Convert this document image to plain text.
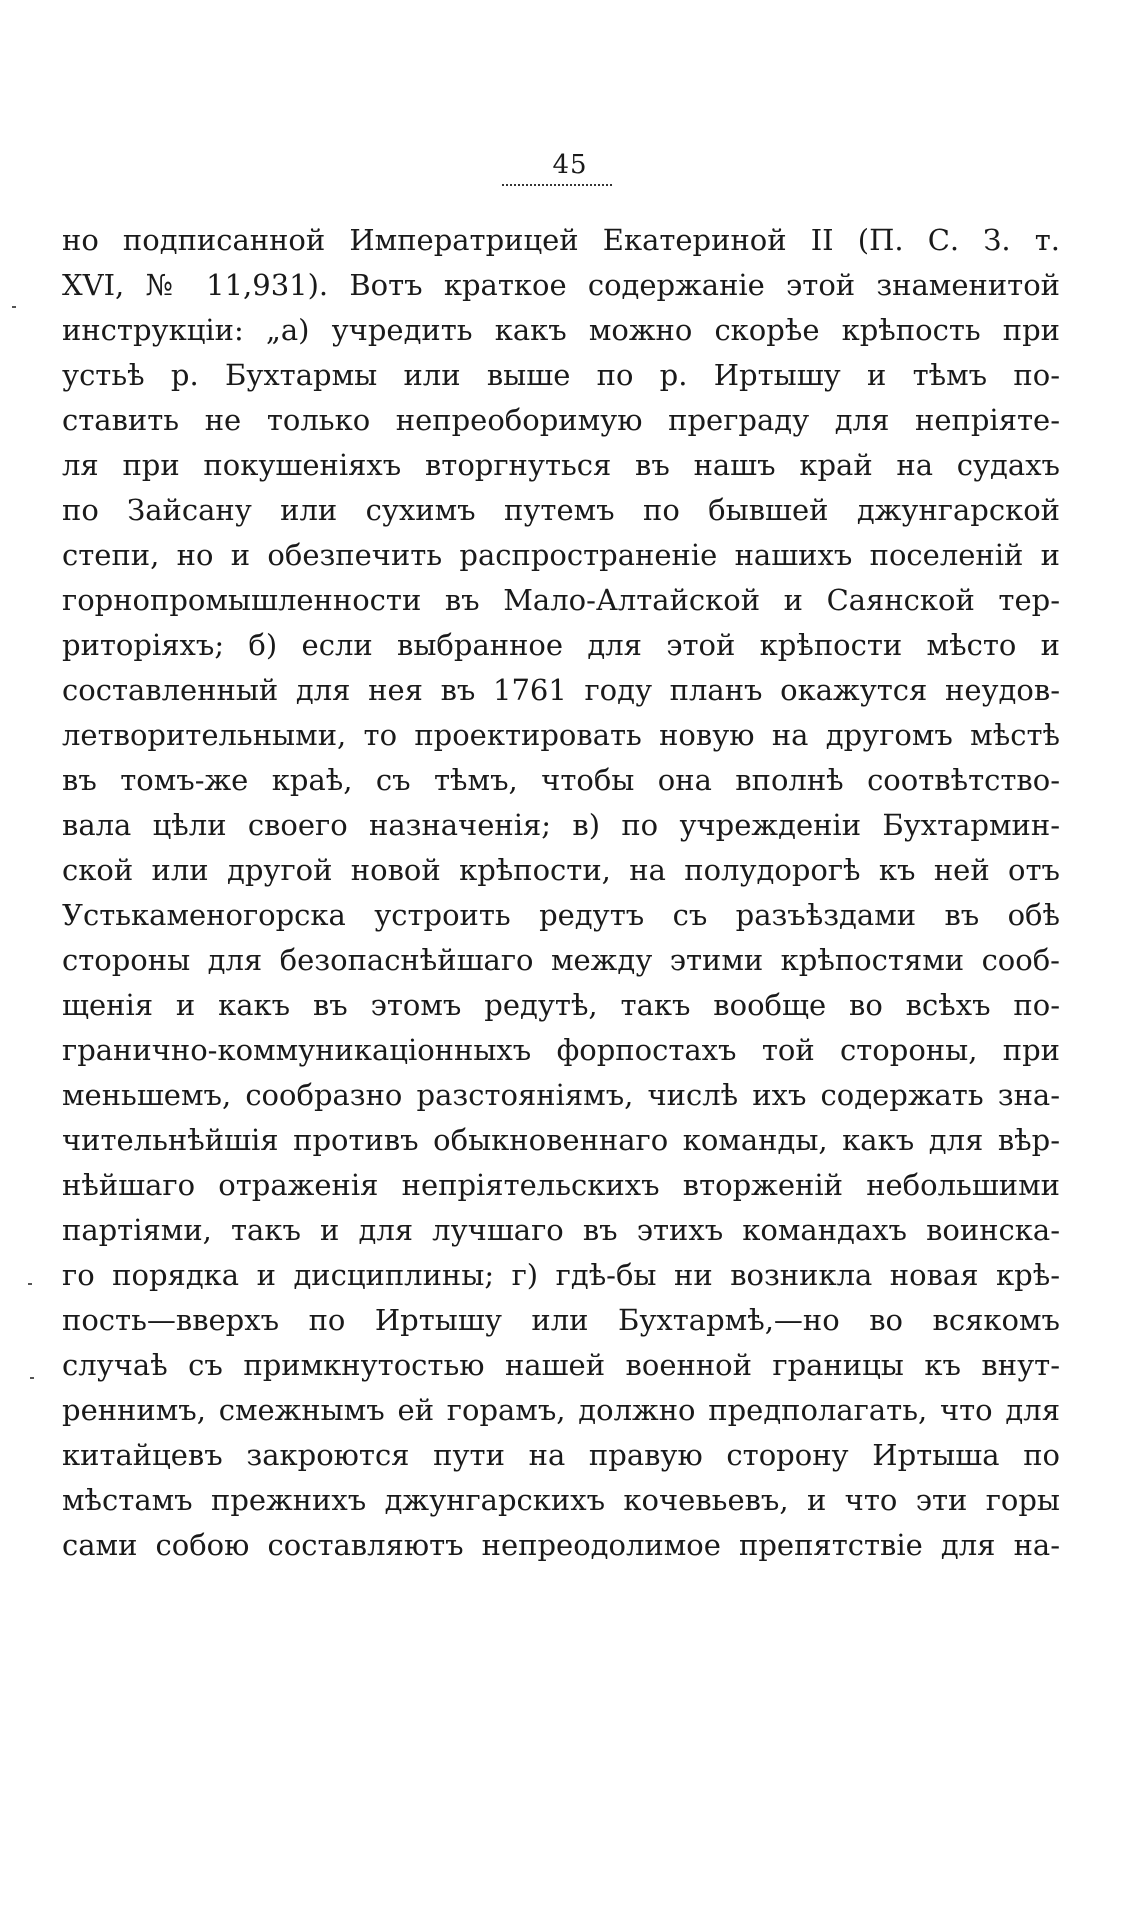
45
но подписанной Императрицей Екатериной II (П. С. З. т.
XVI, № 11,931). Вотъ краткое содержаніе этой знаменитой
инструкціи: „а) учредить какъ можно скорѣе крѣпость при
устьѣ р. Бухтармы или выше по р. Иртышу и тѣмъ по-
ставить не только непреоборимую преграду для непріяте-
ля при покушеніяхъ вторгнуться въ нашъ край на судахъ
по Зайсану или сухимъ путемъ по бывшей джунгарской
степи, но и обезпечить распространеніе нашихъ поселеній и
горнопромышленности въ Мало-Алтайской и Саянской тер-
риторіяхъ; б) если выбранное для этой крѣпости мѣсто и
составленный для нея въ 1761 году планъ окажутся неудов-
летворительными, то проектировать новую на другомъ мѣстѣ
въ томъ-же краѣ, съ тѣмъ, чтобы она вполнѣ соотвѣтство-
вала цѣли своего назначенія; в) по учрежденіи Бухтармин-
ской или другой новой крѣпости, на полудорогѣ къ ней отъ
Устькаменогорска устроить редутъ съ разъѣздами въ обѣ
стороны для безопаснѣйшаго между этими крѣпостями сооб-
щенія и какъ въ этомъ редутѣ, такъ вообще во всѣхъ по-
гранично-коммуникаціонныхъ форпостахъ той стороны, при
меньшемъ, сообразно разстояніямъ, числѣ ихъ содержать зна-
чительнѣйшія противъ обыкновеннаго команды, какъ для вѣр-
нѣйшаго отраженія непріятельскихъ вторженій небольшими
партіями, такъ и для лучшаго въ этихъ командахъ воинска-
го порядка и дисциплины; г) гдѣ-бы ни возникла новая крѣ-
пость—вверхъ по Иртышу или Бухтармѣ,—но во всякомъ
случаѣ съ примкнутостью нашей военной границы къ внут-
реннимъ, смежнымъ ей горамъ, должно предполагать, что для
китайцевъ закроются пути на правую сторону Иртыша по
мѣстамъ прежнихъ джунгарскихъ кочевьевъ, и что эти горы
сами собою составляютъ непреодолимое препятствіе для на-
